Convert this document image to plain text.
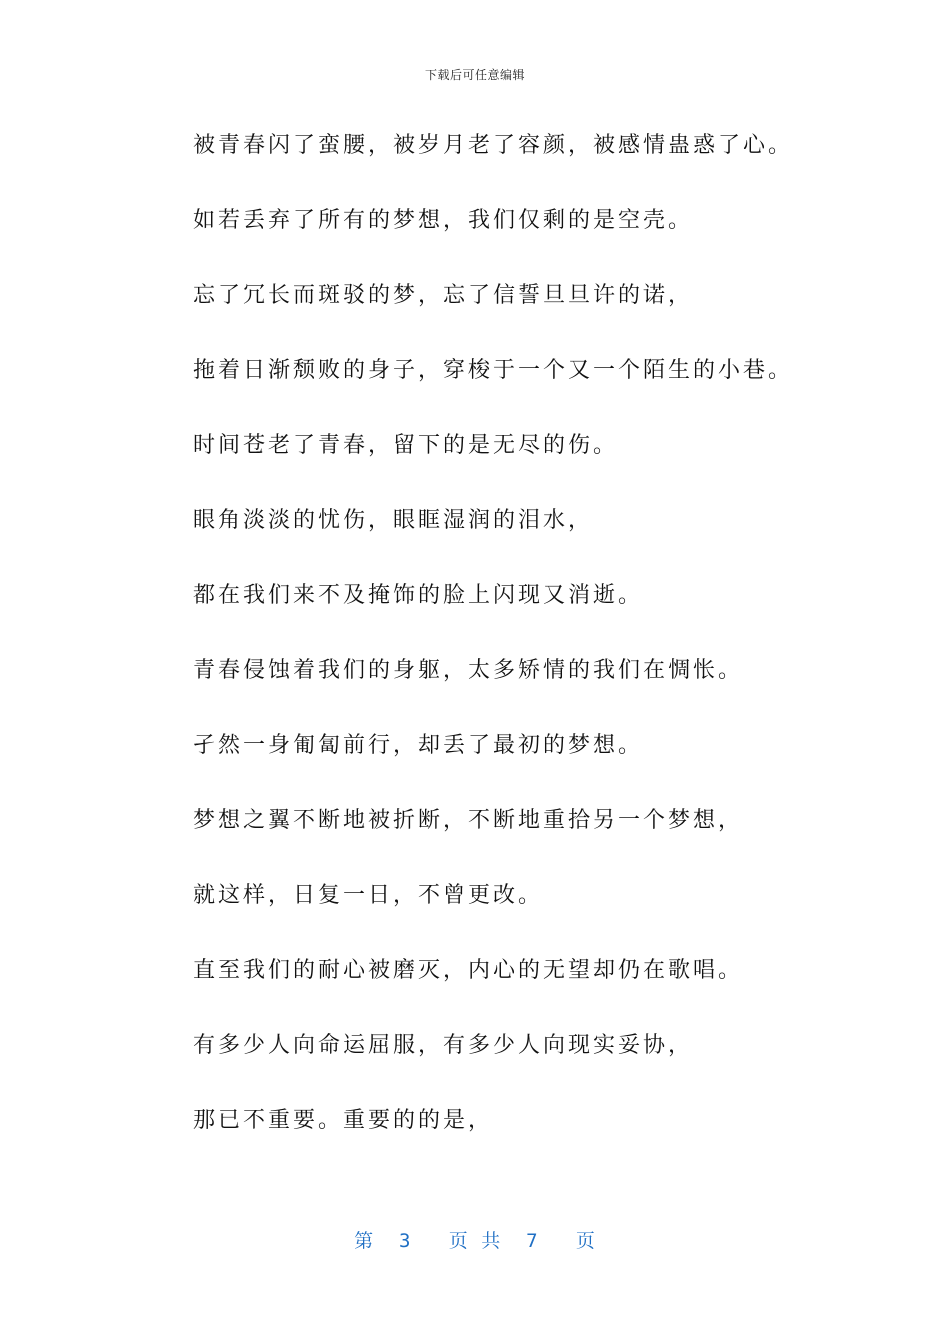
下载后可任意编辑
被青春闪了蛮腰，被岁月老了容颜，被感情蛊惑了心。
如若丢弃了所有的梦想，我们仅剩的是空壳。
忘了冗长而斑驳的梦，忘了信誓旦旦许的诺，
拖着日渐颓败的身子，穿梭于一个又一个陌生的小巷。
时间苍老了青春，留下的是无尽的伤。
眼角淡淡的忧伤，眼眶湿润的泪水，
都在我们来不及掩饰的脸上闪现又消逝。
青春侵蚀着我们的身躯，太多矫情的我们在惆怅。
孑然一身匍匐前行，却丢了最初的梦想。
梦想之翼不断地被折断，不断地重拾另一个梦想，
就这样，日复一日，不曾更改。
直至我们的耐心被磨灭，内心的无望却仍在歌唱。
有多少人向命运屈服，有多少人向现实妥协，
那已不重要。重要的的是，
第  3   页 共  7   页
